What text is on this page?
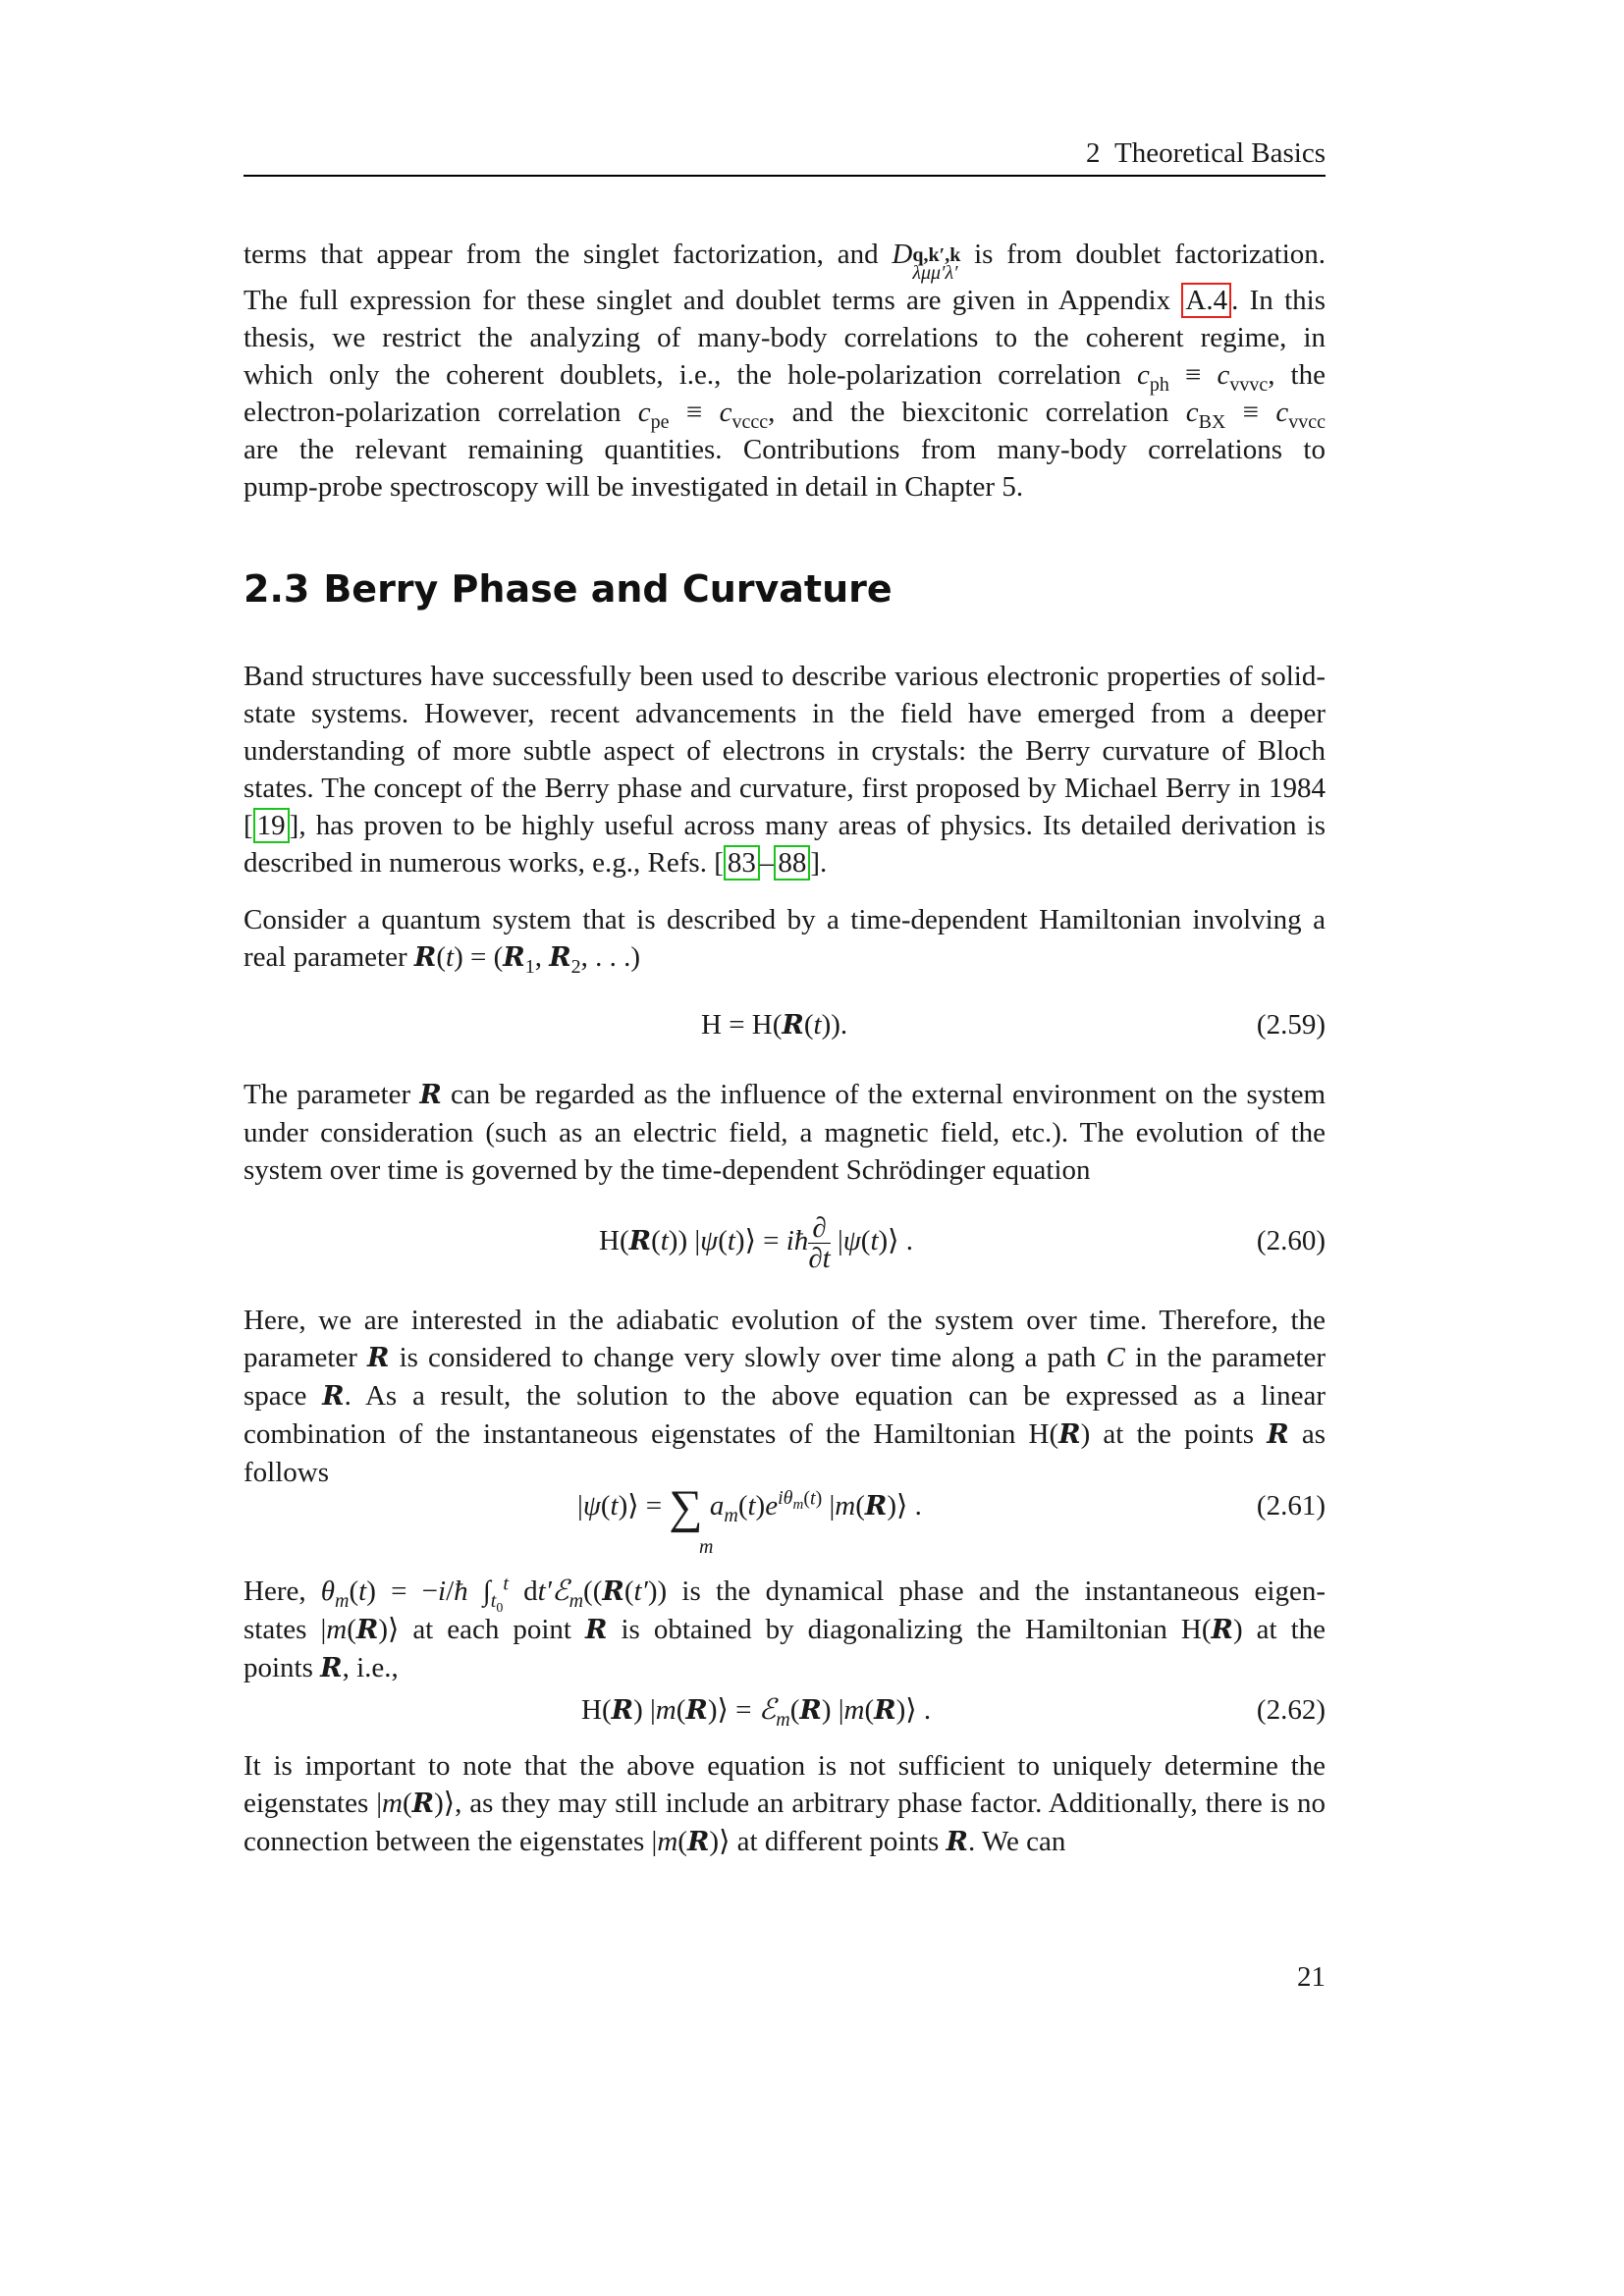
2 Theoretical Basics

terms that appear from the singlet factorization, and D q,k′,k
λμμ′λ′
is from doublet factorization.

The full expression for these singlet and doublet terms are given in Appendix A.4 . In this

thesis, we restrict the analyzing of many-body correlations to the coherent regime, in

which only the coherent doublets, i.e., the hole-polarization correlation $c_{ph} \equiv c_{vvvc}$, the

electron-polarization correlation $c_{pe} \equiv c_{vccc}$, and the biexcitonic correlation $c_{BX} \equiv c_{vvcc}$

are the relevant remaining quantities. Contributions from many-body correlations to

pump-probe spectroscopy will be investigated in detail in Chapter 5.

2.3 Berry Phase and Curvature

Band structures have successfully been used to describe various electronic properties of solid-state systems. However, recent advancements in the field have emerged from a deeper understanding of more subtle aspect of electrons in crystals: the Berry curvature of Bloch states. The concept of the Berry phase and curvature, first proposed by Michael Berry in 1984 [ 19 ], has proven to be highly useful across many areas of physics. Its detailed derivation is described in numerous works, e.g., Refs. [ 83 – 88 ].

Consider a quantum system that is described by a time-dependent Hamiltonian involving a real parameter $R(t) = (R_1$, $R_2$, . . .)

H = H(R(t)).	(2.59)

The parameter R can be regarded as the influence of the external environment on the system under consideration (such as an electric field, a magnetic field, etc.). The evolution of the system over time is governed by the time-dependent Schrödinger equation

H(R(t)) |ψ(t)⟩ = iħ $\frac{\partial}{\partial t}$ |ψ(t)⟩ .	(2.60)

Here, we are interested in the adiabatic evolution of the system over time. Therefore, the parameter R is considered to change very slowly over time along a path C in the parameter space R. As a result, the solution to the above equation can be expressed as a linear combination of the instantaneous eigenstates of the Hamiltonian H(R) at the points R as follows

|ψ(t)⟩ = ∑ $a_m(t)e^{i\theta_m(t)}$ |m(R)⟩ .
m
(2.61)

Here, $\theta_m(t)$ = −i/ħ $\int_{t_0}^t$ dt′ℰ$_m$((R(t′)) is the dynamical phase and the instantaneous eigen-

states |m(R)⟩ at each point R is obtained by diagonalizing the Hamiltonian H(R) at the

points R, i.e.,

H(R) |m(R)⟩ = ℰ$_m$(R) |m(R)⟩ .	(2.62)

It is important to note that the above equation is not sufficient to uniquely determine the eigenstates |m(R)⟩, as they may still include an arbitrary phase factor. Additionally, there is no connection between the eigenstates |m(R)⟩ at different points R. We can

21
